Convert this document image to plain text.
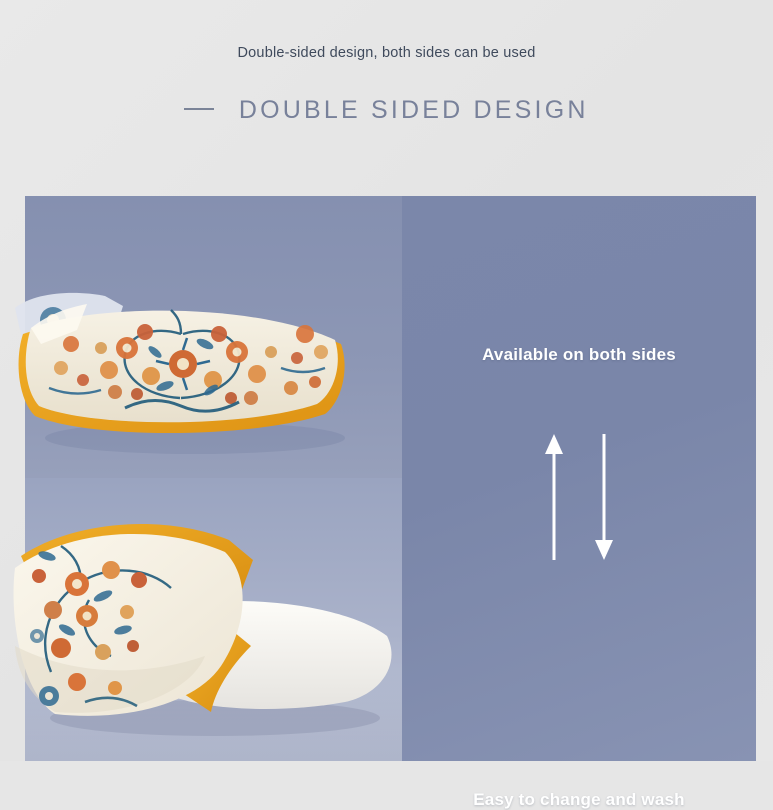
Double-sided design, both sides can be used
DOUBLE SIDED DESIGN
Available on both sides
Easy to change and wash
